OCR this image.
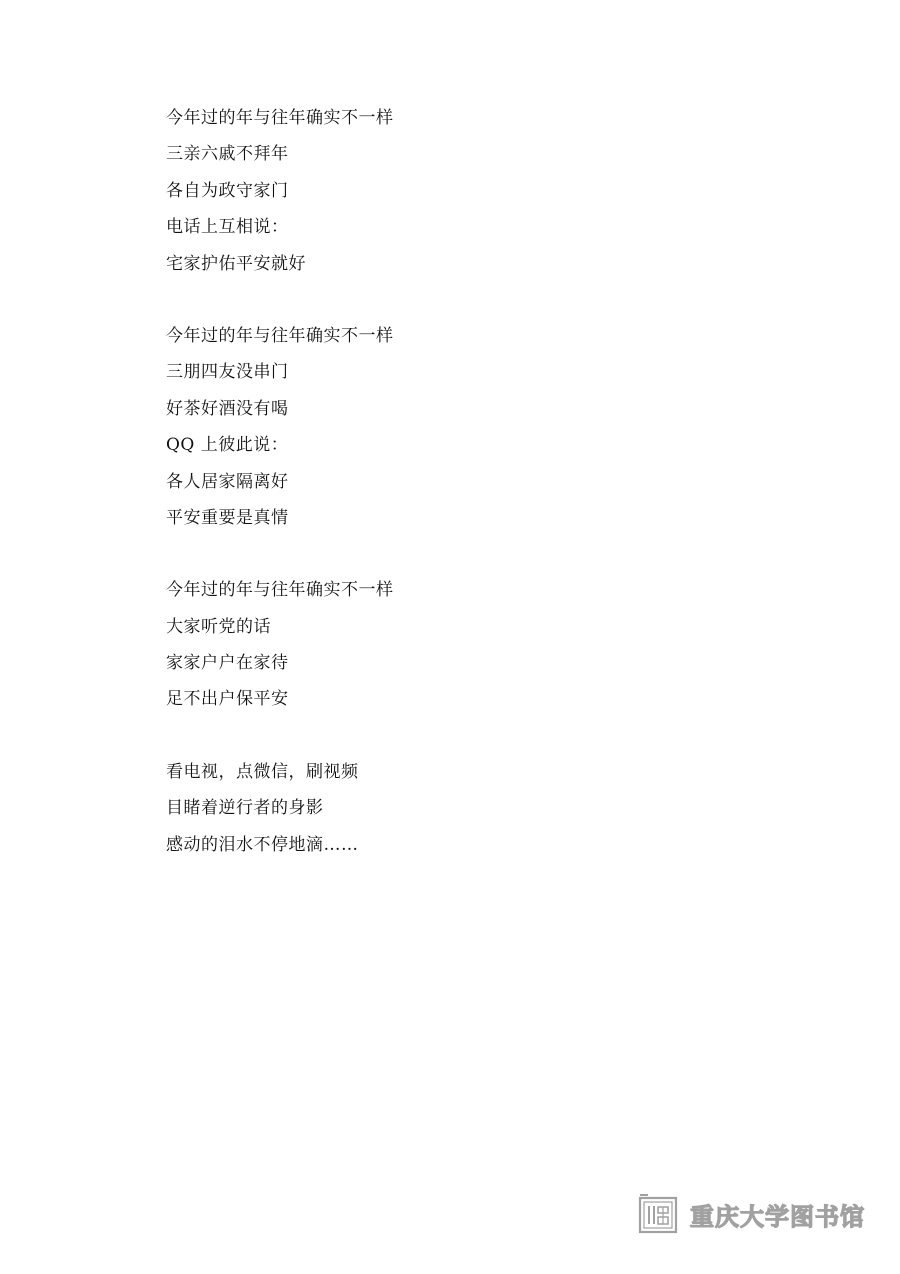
今年过的年与往年确实不一样
三亲六戚不拜年
各自为政守家门
电话上互相说：
宅家护佑平安就好
今年过的年与往年确实不一样
三朋四友没串门
好茶好酒没有喝
QQ 上彼此说：
各人居家隔离好
平安重要是真情
今年过的年与往年确实不一样
大家听党的话
家家户户在家待
足不出户保平安
看电视，点微信，刷视频
目睹着逆行者的身影
感动的泪水不停地滴……
重庆大学图书馆
